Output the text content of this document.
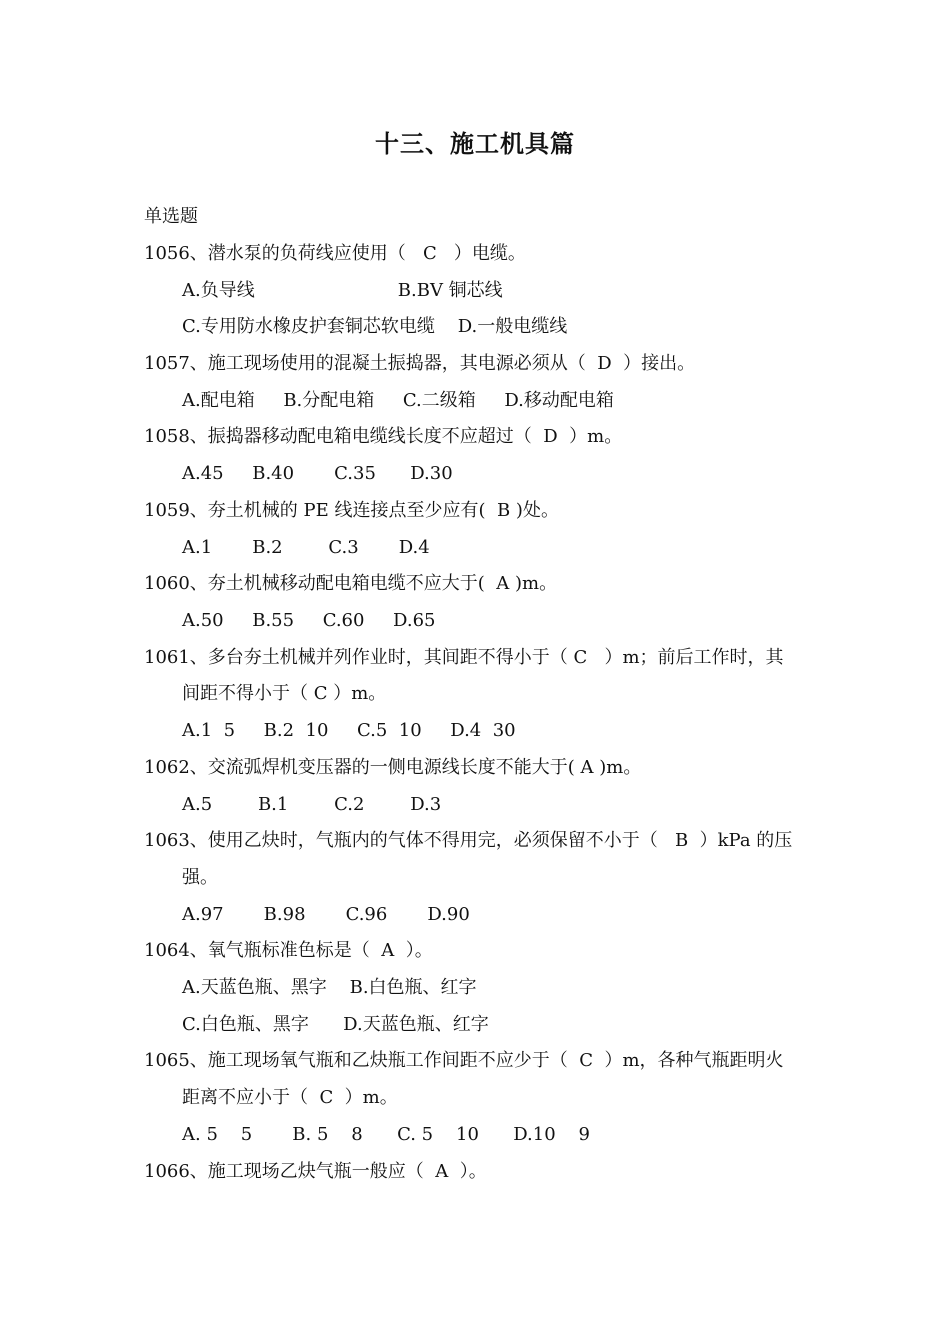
十三、施工机具篇
单选题
1056、潜水泵的负荷线应使用（   C   ）电缆。
A.负导线                         B.BV 铜芯线
C.专用防水橡皮护套铜芯软电缆    D.一般电缆线
1057、施工现场使用的混凝土振捣器，其电源必须从（  D  ）接出。
A.配电箱     B.分配电箱     C.二级箱     D.移动配电箱
1058、振捣器移动配电箱电缆线长度不应超过（  D  ）m。
A.45     B.40       C.35      D.30
1059、夯土机械的 PE 线连接点至少应有(  B )处。
A.1       B.2        C.3       D.4
1060、夯土机械移动配电箱电缆不应大于(  A )m。
A.50     B.55     C.60     D.65
1061、多台夯土机械并列作业时，其间距不得小于（ C   ）m；前后工作时，其
间距不得小于（ C ）m。
A.1  5     B.2  10     C.5  10     D.4  30
1062、交流弧焊机变压器的一侧电源线长度不能大于( A )m。
A.5        B.1        C.2        D.3
1063、使用乙炔时，气瓶内的气体不得用完，必须保留不小于（   B  ）kPa 的压
强。
A.97       B.98       C.96       D.90
1064、氧气瓶标准色标是（  A  ）。
A.天蓝色瓶、黑字    B.白色瓶、红字
C.白色瓶、黑字      D.天蓝色瓶、红字
1065、施工现场氧气瓶和乙炔瓶工作间距不应少于（  C  ）m，各种气瓶距明火
距离不应小于（  C  ）m。
A. 5    5       B. 5    8      C. 5    10      D.10    9
1066、施工现场乙炔气瓶一般应（  A  ）。
